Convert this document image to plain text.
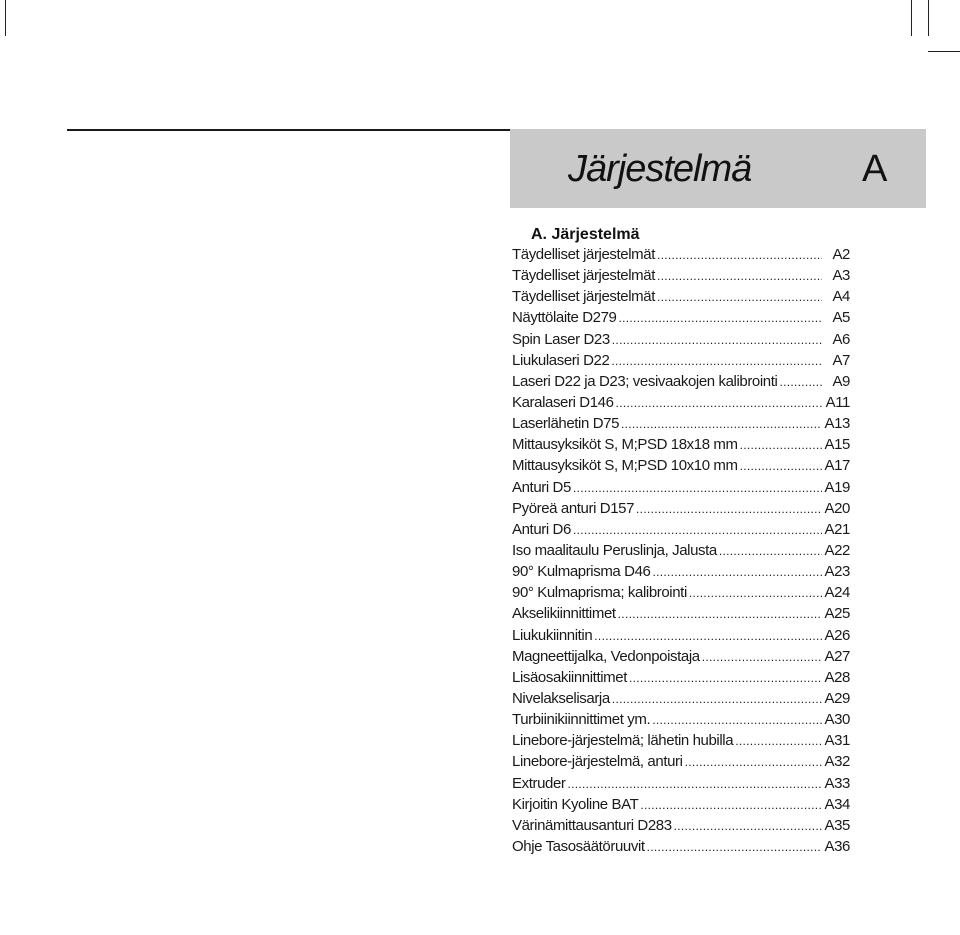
Järjestelmä	A
A. Järjestelmä
Täydelliset järjestelmät .....	A2
Täydelliset järjestelmät .....	A3
Täydelliset järjestelmät .....	A4
Näyttölaite D279 .....	A5
Spin Laser D23 .....	A6
Liukulaseri D22 .....	A7
Laseri D22 ja D23; vesivaakojen kalibrointi .....	A9
Karalaseri D146 .....	A11
Laserlähetin D75 .....	A13
Mittausyksiköt S, M;PSD 18x18 mm .....	A15
Mittausyksiköt S, M;PSD 10x10 mm .....	A17
Anturi D5 .....	A19
Pyöreä anturi D157 .....	A20
Anturi D6 .....	A21
Iso maalitaulu Peruslinja, Jalusta .....	A22
90° Kulmaprisma D46 .....	A23
90° Kulmaprisma; kalibrointi .....	A24
Akselikiinnittimet .....	A25
Liukukiinnitin .....	A26
Magneettijalka, Vedonpoistaja .....	A27
Lisäosakiinnittimet .....	A28
Nivelakselisarja .....	A29
Turbiinikiinnittimet ym. .....	A30
Linebore-järjestelmä; lähetin hubilla .....	A31
Linebore-järjestelmä, anturi .....	A32
Extruder .....	A33
Kirjoitin Kyoline BAT .....	A34
Värinämittausanturi D283 .....	A35
Ohje Tasosäätöruuvit .....	A36
